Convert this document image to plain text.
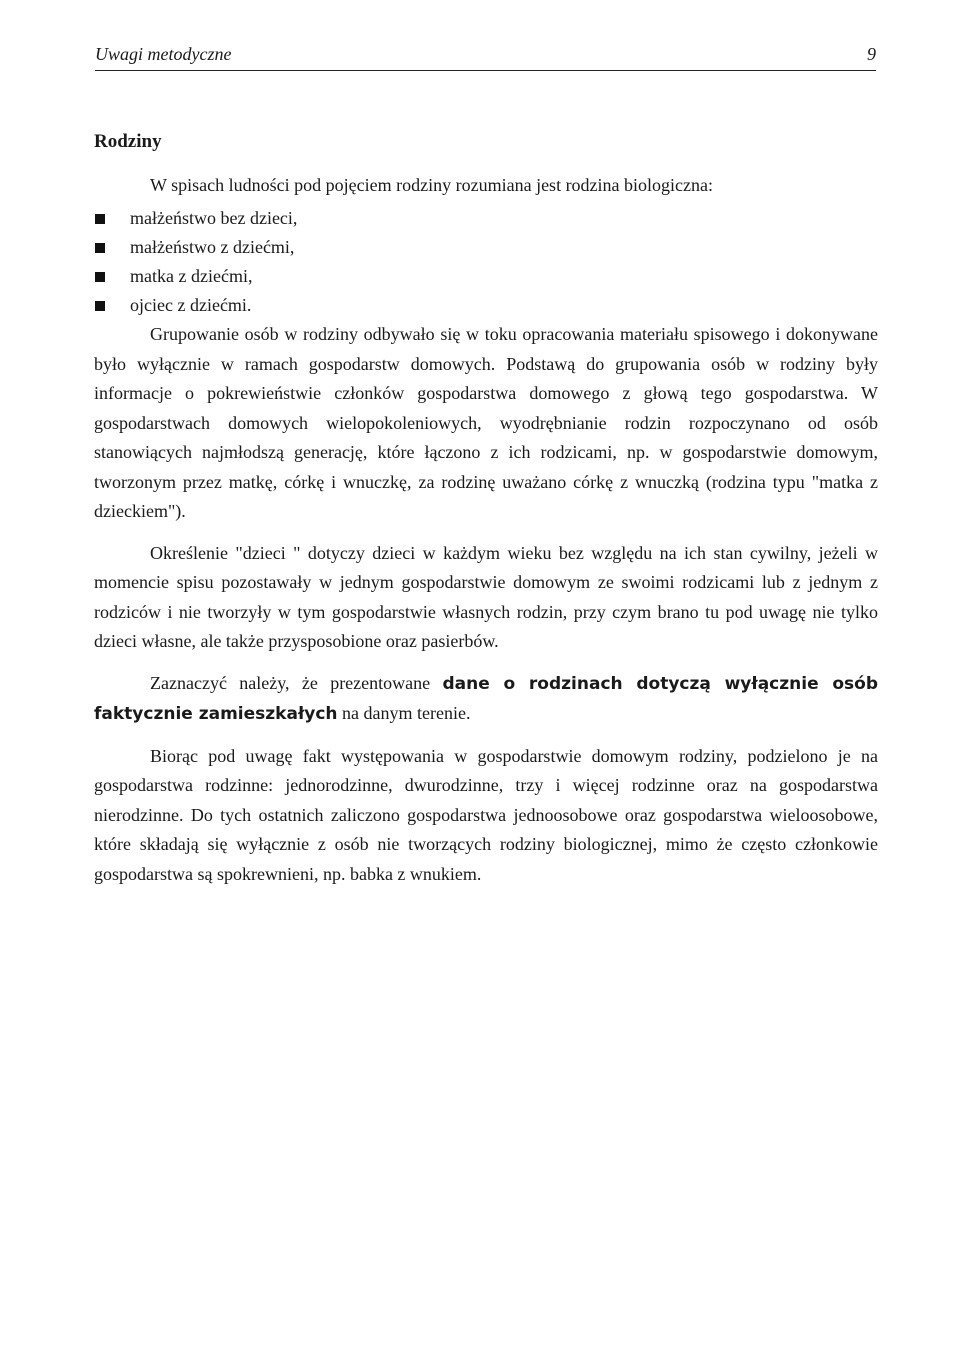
Uwagi metodyczne	9
Rodziny

W spisach ludności pod pojęciem rodziny rozumiana jest rodzina biologiczna:

małżeństwo bez dzieci,
małżeństwo z dziećmi,
matka z dziećmi,
ojciec z dziećmi.

Grupowanie osób w rodziny odbywało się w toku opracowania materiału spisowego i dokonywane było wyłącznie w ramach gospodarstw domowych. Podstawą do grupowania osób w rodziny były informacje o pokrewieństwie członków gospodarstwa domowego z głową tego gospodarstwa. W gospodarstwach domowych wielopokoleniowych, wyodrębnianie rodzin rozpoczynano od osób stanowiących najmłodszą generację, które łączono z ich rodzicami, np. w gospodarstwie domowym, tworzonym przez matkę, córkę i wnuczkę, za rodzinę uważano córkę z wnuczką (rodzina typu "matka z dzieckiem").

Określenie "dzieci " dotyczy dzieci w każdym wieku bez względu na ich stan cywilny, jeżeli w momencie spisu pozostawały w jednym gospodarstwie domowym ze swoimi rodzicami lub z jednym z rodziców i nie tworzyły w tym gospodarstwie własnych rodzin, przy czym brano tu pod uwagę nie tylko dzieci własne, ale także przysposobione oraz pasierbów.

Zaznaczyć należy, że prezentowane dane o rodzinach dotyczą wyłącznie osób faktycznie zamieszkałych na danym terenie.

Biorąc pod uwagę fakt występowania w gospodarstwie domowym rodziny, podzielono je na gospodarstwa rodzinne: jednorodzinne, dwurodzinne, trzy i więcej rodzinne oraz na gospodarstwa nierodzinne. Do tych ostatnich zaliczono gospodarstwa jednoosobowe oraz gospodarstwa wieloosobowe, które składają się wyłącznie z osób nie tworzących rodziny biologicznej, mimo że często członkowie gospodarstwa są spokrewnieni, np. babka z wnukiem.
